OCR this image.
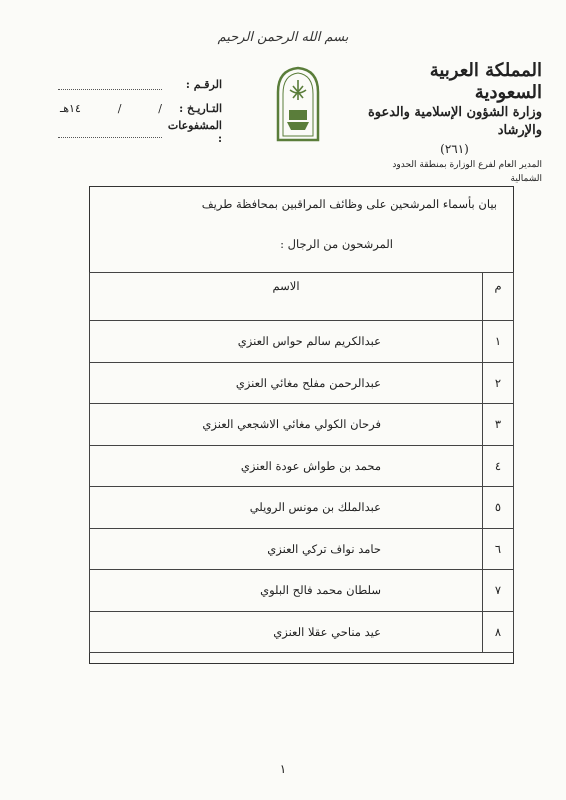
بسم الله الرحمن الرحيم
المملكة العربية السعودية
وزارة الشؤون الإسلامية والدعوة والإرشاد
(٢٦١)
المدير العام لفرع الوزارة بمنطقة الحدود الشمالية
الرقـم :
التـاريـخ :
/
/
١٤هـ
المشفوعات :
بيان بأسماء المرشحين على وظائف المراقبين بمحافظة طريف
المرشحون من الرجال :
م	الاسم
١	عبدالكريم سالم حواس العنزي

٢	عبدالرحمن مفلح مغائي العنزي

٣	فرحان الكولي مغائي الاشجعي العنزي

٤	محمد بن طواش عودة العنزي

٥	عبدالملك بن مونس الرويلي

٦	حامد نواف تركي العنزي

٧	سلطان محمد فالح البلوي

٨	عيد مناحي عقلا العنزي
١
